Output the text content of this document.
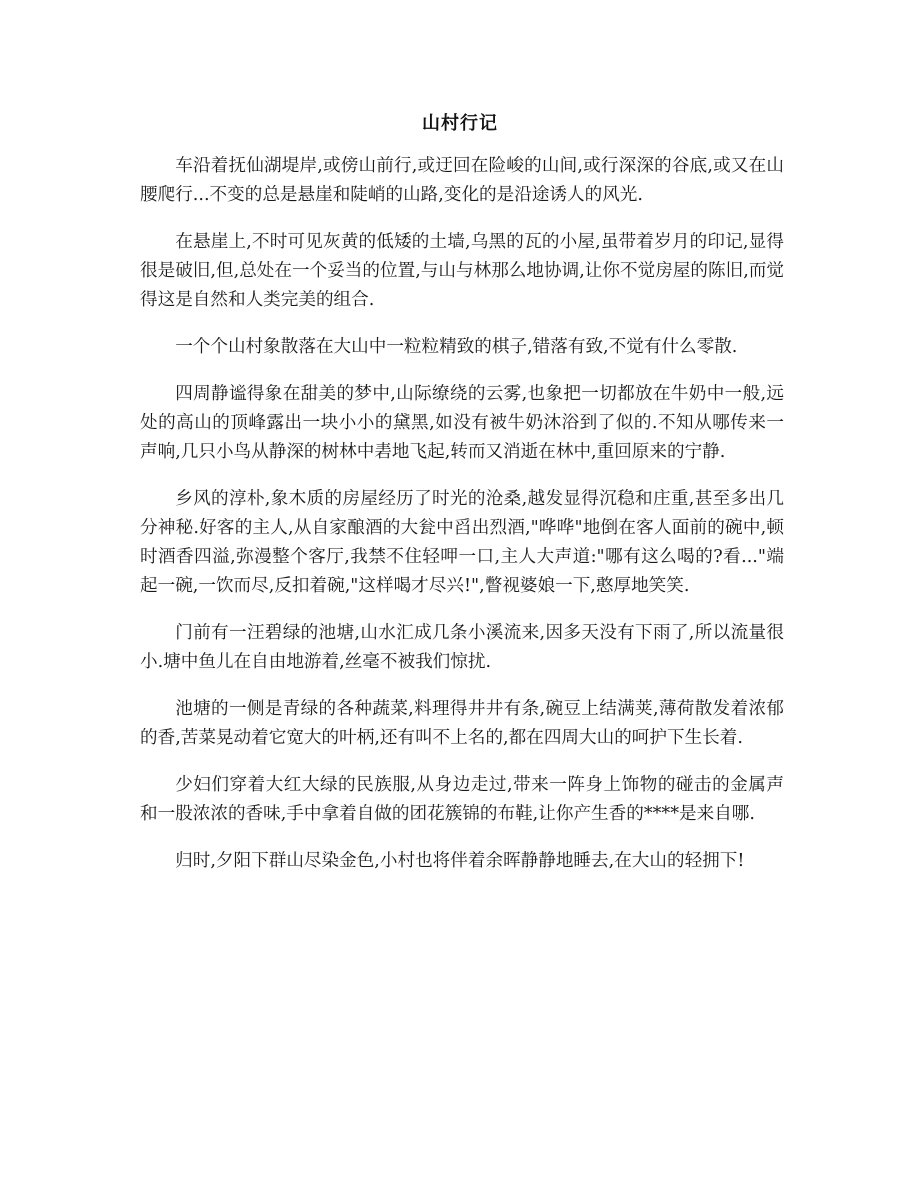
山村行记

车沿着抚仙湖堤岸,或傍山前行,或迂回在险峻的山间,或行深深的谷底,或又在山腰爬行...不变的总是悬崖和陡峭的山路,变化的是沿途诱人的风光.

在悬崖上,不时可见灰黄的低矮的土墙,乌黑的瓦的小屋,虽带着岁月的印记,显得很是破旧,但,总处在一个妥当的位置,与山与林那么地协调,让你不觉房屋的陈旧,而觉得这是自然和人类完美的组合.

一个个山村象散落在大山中一粒粒精致的棋子,错落有致,不觉有什么零散.

四周静谧得象在甜美的梦中,山际缭绕的云雾,也象把一切都放在牛奶中一般,远处的高山的顶峰露出一块小小的黛黑,如没有被牛奶沐浴到了似的.不知从哪传来一声响,几只小鸟从静深的树林中砉地飞起,转而又消逝在林中,重回原来的宁静.

乡风的淳朴,象木质的房屋经历了时光的沧桑,越发显得沉稳和庄重,甚至多出几分神秘.好客的主人,从自家酿酒的大瓮中舀出烈酒,"哗哗"地倒在客人面前的碗中,顿时酒香四溢,弥漫整个客厅,我禁不住轻呷一口,主人大声道:"哪有这么喝的?看..."端起一碗,一饮而尽,反扣着碗,"这样喝才尽兴!",瞥视婆娘一下,憨厚地笑笑.

门前有一汪碧绿的池塘,山水汇成几条小溪流来,因多天没有下雨了,所以流量很小.塘中鱼儿在自由地游着,丝毫不被我们惊扰.

池塘的一侧是青绿的各种蔬菜,料理得井井有条,碗豆上结满荚,薄荷散发着浓郁的香,苦菜晃动着它宽大的叶柄,还有叫不上名的,都在四周大山的呵护下生长着.

少妇们穿着大红大绿的民族服,从身边走过,带来一阵身上饰物的碰击的金属声和一股浓浓的香味,手中拿着自做的团花簇锦的布鞋,让你产生香的****是来自哪.

归时,夕阳下群山尽染金色,小村也将伴着余晖静静地睡去,在大山的轻拥下!
